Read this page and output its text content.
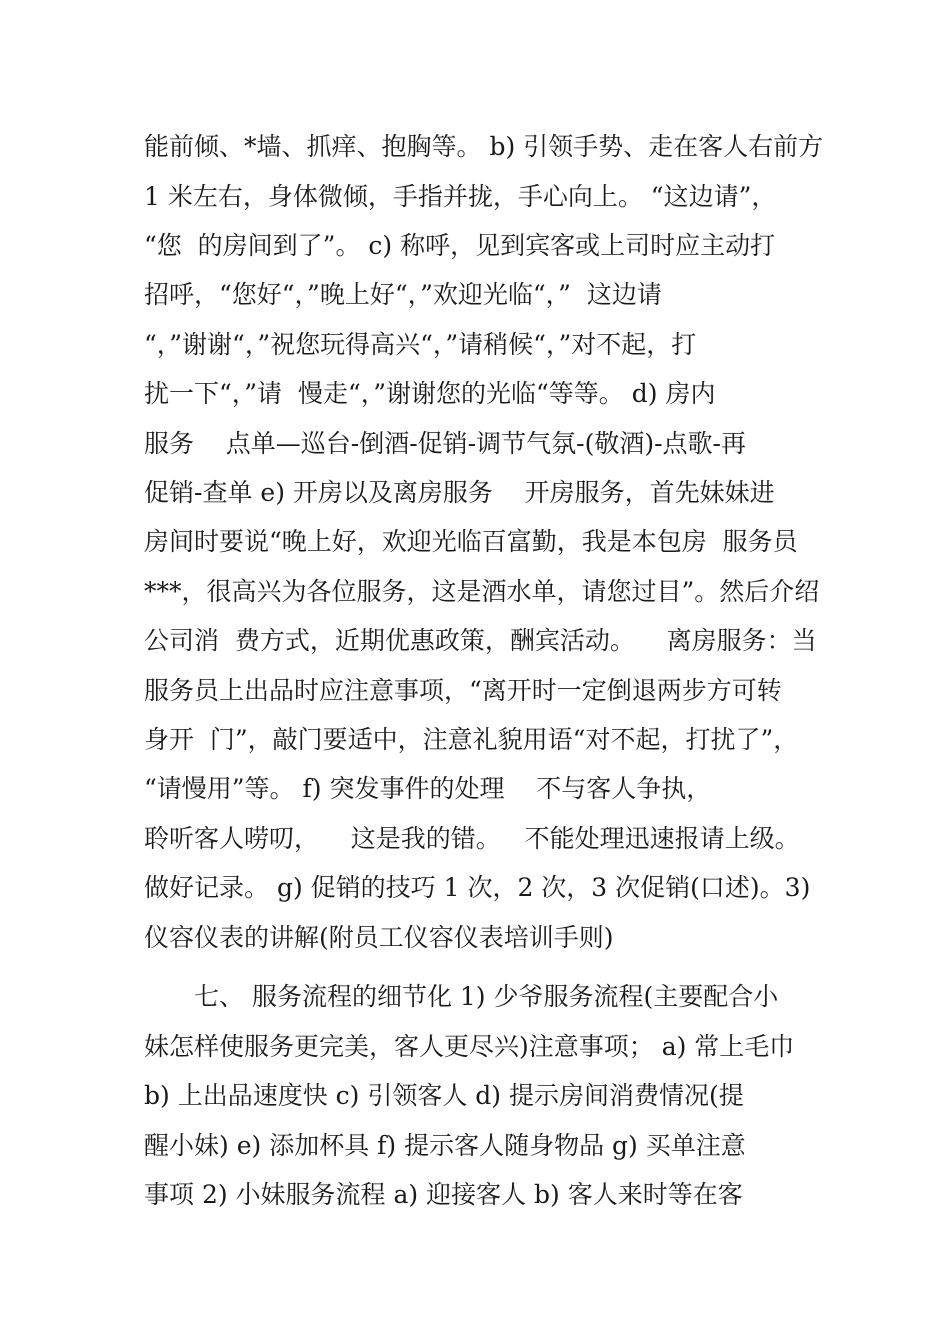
能前倾、*墙、抓痒、抱胸等。 b) 引领手势、走在客人右前方
1 米左右，身体微倾，手指并拢，手心向上。 “这边请”，
“您  的房间到了”。 c) 称呼，见到宾客或上司时应主动打
招呼，“您好“，”晚上好“，”欢迎光临“，”  这边请
“，”谢谢“，”祝您玩得高兴“，”请稍候“，”对不起，打
扰一下“，”请  慢走“，”谢谢您的光临“等等。 d) 房内
服务    点单—巡台-倒酒-促销-调节气氛-(敬酒)-点歌-再
促销-查单 e) 开房以及离房服务    开房服务，首先妹妹进
房间时要说“晚上好，欢迎光临百富勤，我是本包房  服务员
***，很高兴为各位服务，这是酒水单，请您过目”。然后介绍
公司消  费方式，近期优惠政策，酬宾活动。    离房服务：当
服务员上出品时应注意事项，“离开时一定倒退两步方可转
身开  门”，敲门要适中，注意礼貌用语“对不起，打扰了”，
“请慢用”等。 f) 突发事件的处理    不与客人争执，
聆听客人唠叨，    这是我的错。   不能处理迅速报请上级。
做好记录。 g) 促销的技巧 1 次，2 次，3 次促销(口述)。3)
仪容仪表的讲解(附员工仪容仪表培训手则)
七、 服务流程的细节化 1) 少爷服务流程(主要配合小
妹怎样使服务更完美，客人更尽兴)注意事项； a) 常上毛巾
b) 上出品速度快 c) 引领客人 d) 提示房间消费情况(提
醒小妹) e) 添加杯具 f) 提示客人随身物品 g) 买单注意
事项 2) 小妹服务流程 a) 迎接客人 b) 客人来时等在客
